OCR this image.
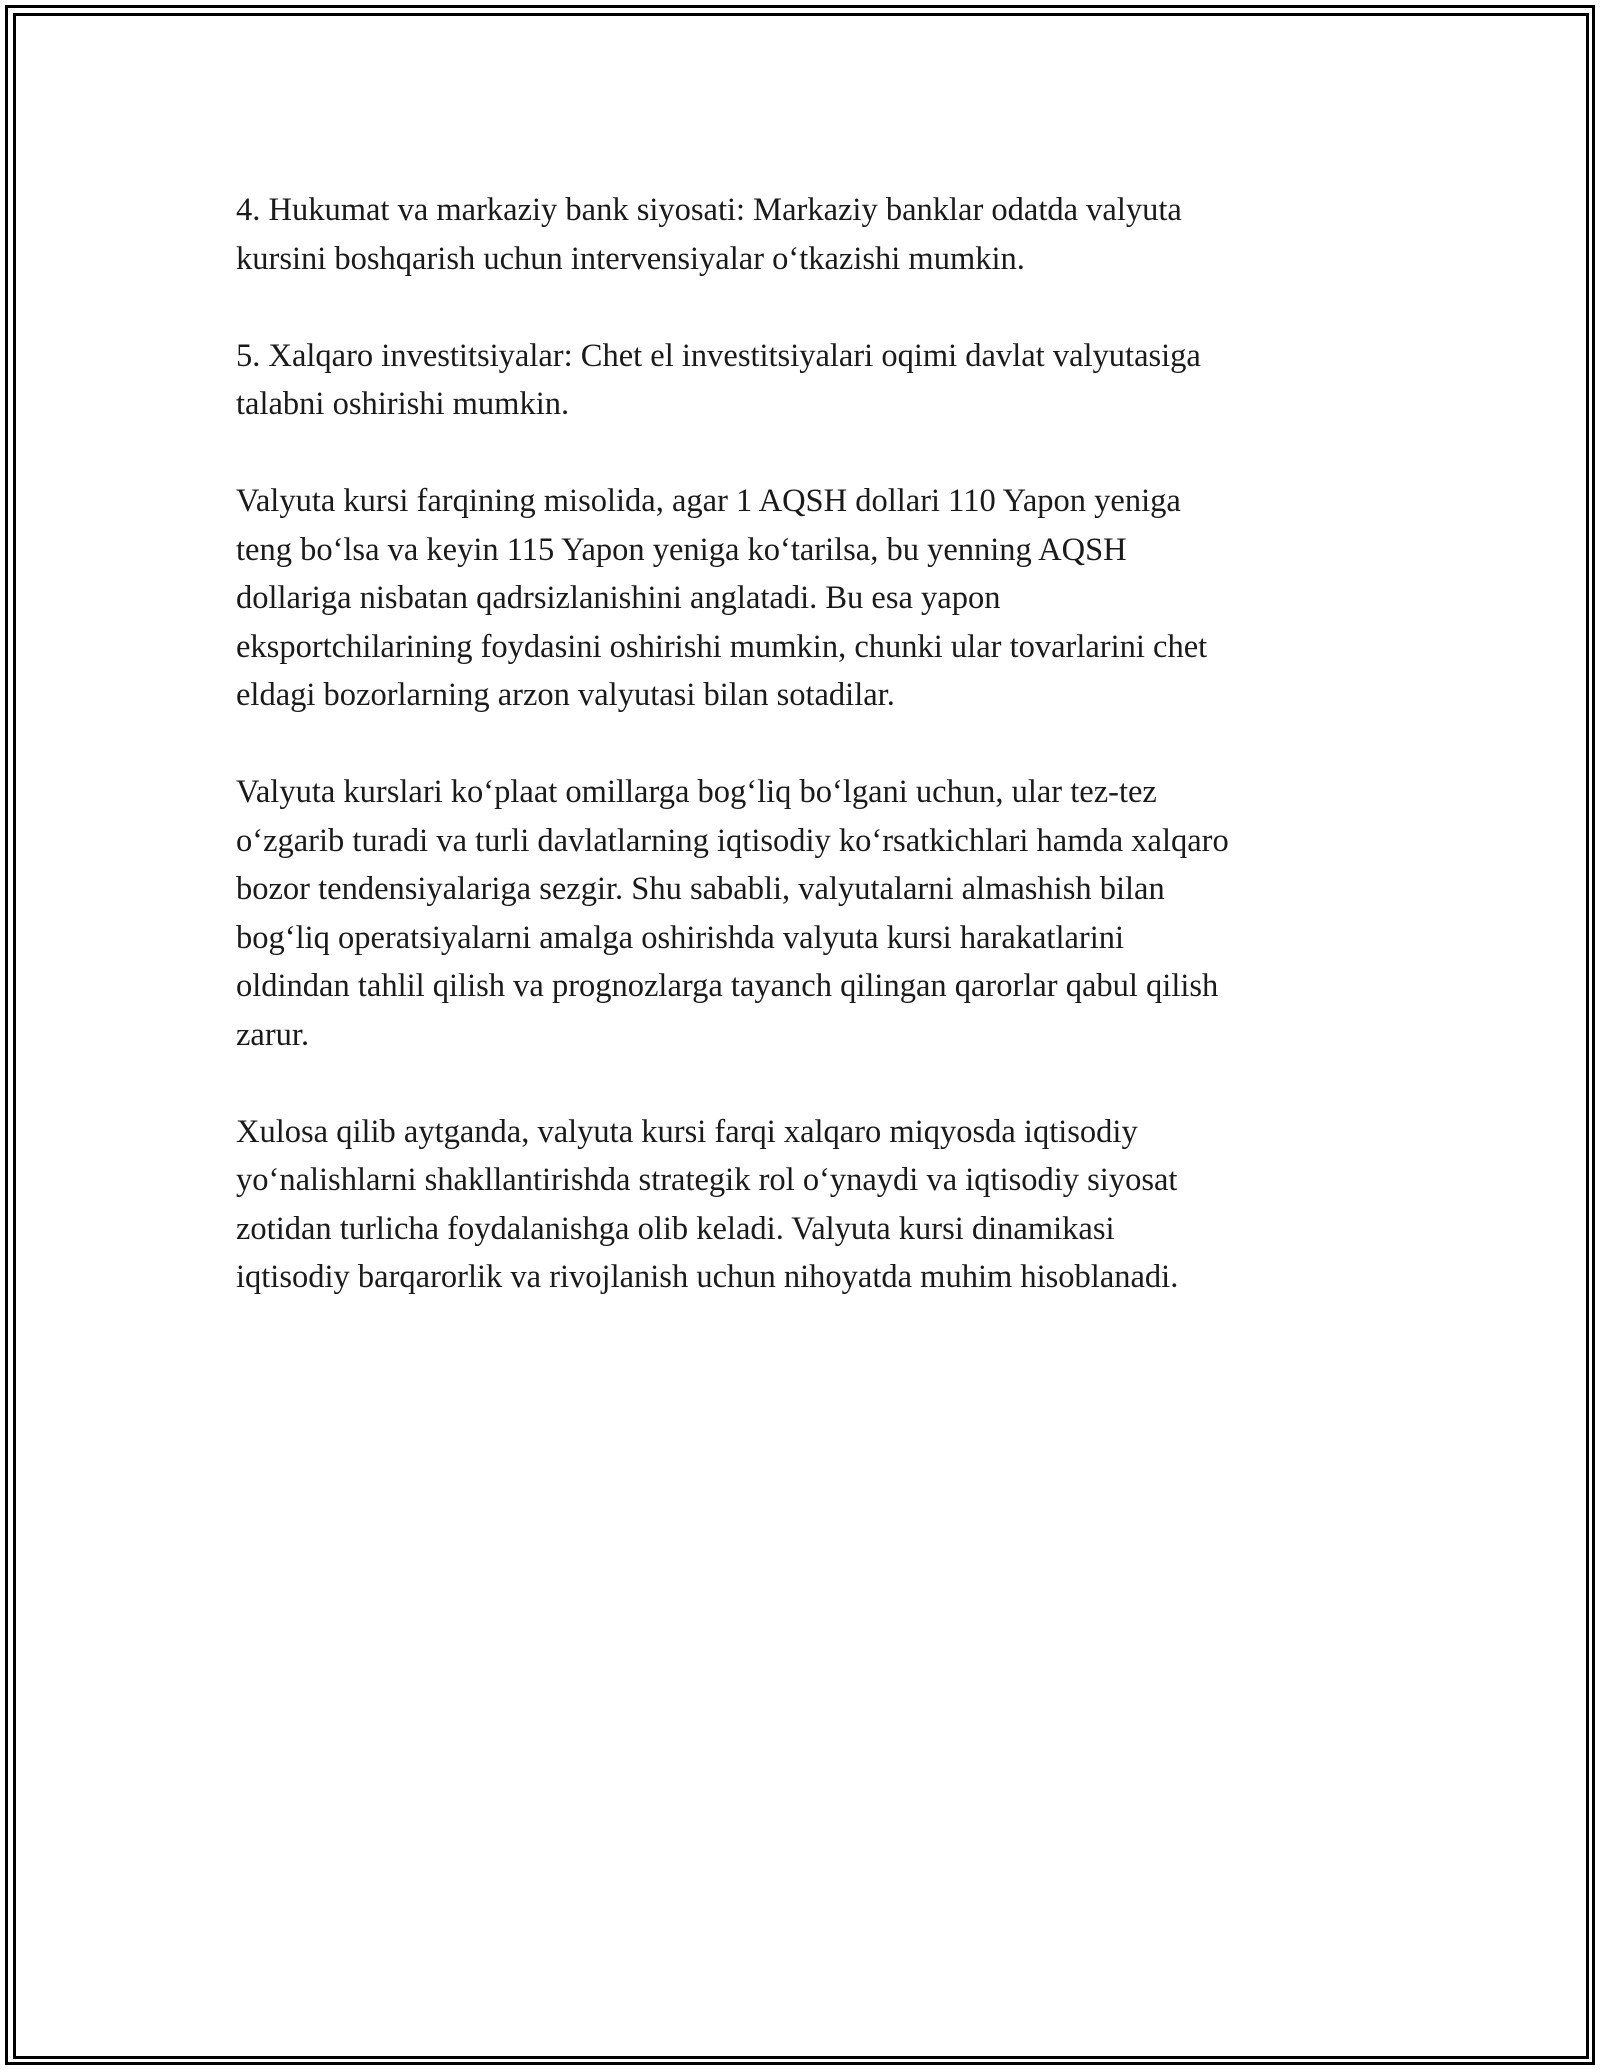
4. Hukumat va markaziy bank siyosati: Markaziy banklar odatda valyuta
kursini boshqarish uchun intervensiyalar o‘tkazishi mumkin.

5. Xalqaro investitsiyalar: Chet el investitsiyalari oqimi davlat valyutasiga
talabni oshirishi mumkin.

Valyuta kursi farqining misolida, agar 1 AQSH dollari 110 Yapon yeniga
teng bo‘lsa va keyin 115 Yapon yeniga ko‘tarilsa, bu yenning AQSH
dollariga nisbatan qadrsizlanishini anglatadi. Bu esa yapon
eksportchilarining foydasini oshirishi mumkin, chunki ular tovarlarini chet
eldagi bozorlarning arzon valyutasi bilan sotadilar.

Valyuta kurslari ko‘plaat omillarga bog‘liq bo‘lgani uchun, ular tez-tez
o‘zgarib turadi va turli davlatlarning iqtisodiy ko‘rsatkichlari hamda xalqaro
bozor tendensiyalariga sezgir. Shu sababli, valyutalarni almashish bilan
bog‘liq operatsiyalarni amalga oshirishda valyuta kursi harakatlarini
oldindan tahlil qilish va prognozlarga tayanch qilingan qarorlar qabul qilish
zarur.

Xulosa qilib aytganda, valyuta kursi farqi xalqaro miqyosda iqtisodiy
yo‘nalishlarni shakllantirishda strategik rol o‘ynaydi va iqtisodiy siyosat
zotidan turlicha foydalanishga olib keladi. Valyuta kursi dinamikasi
iqtisodiy barqarorlik va rivojlanish uchun nihoyatda muhim hisoblanadi.
